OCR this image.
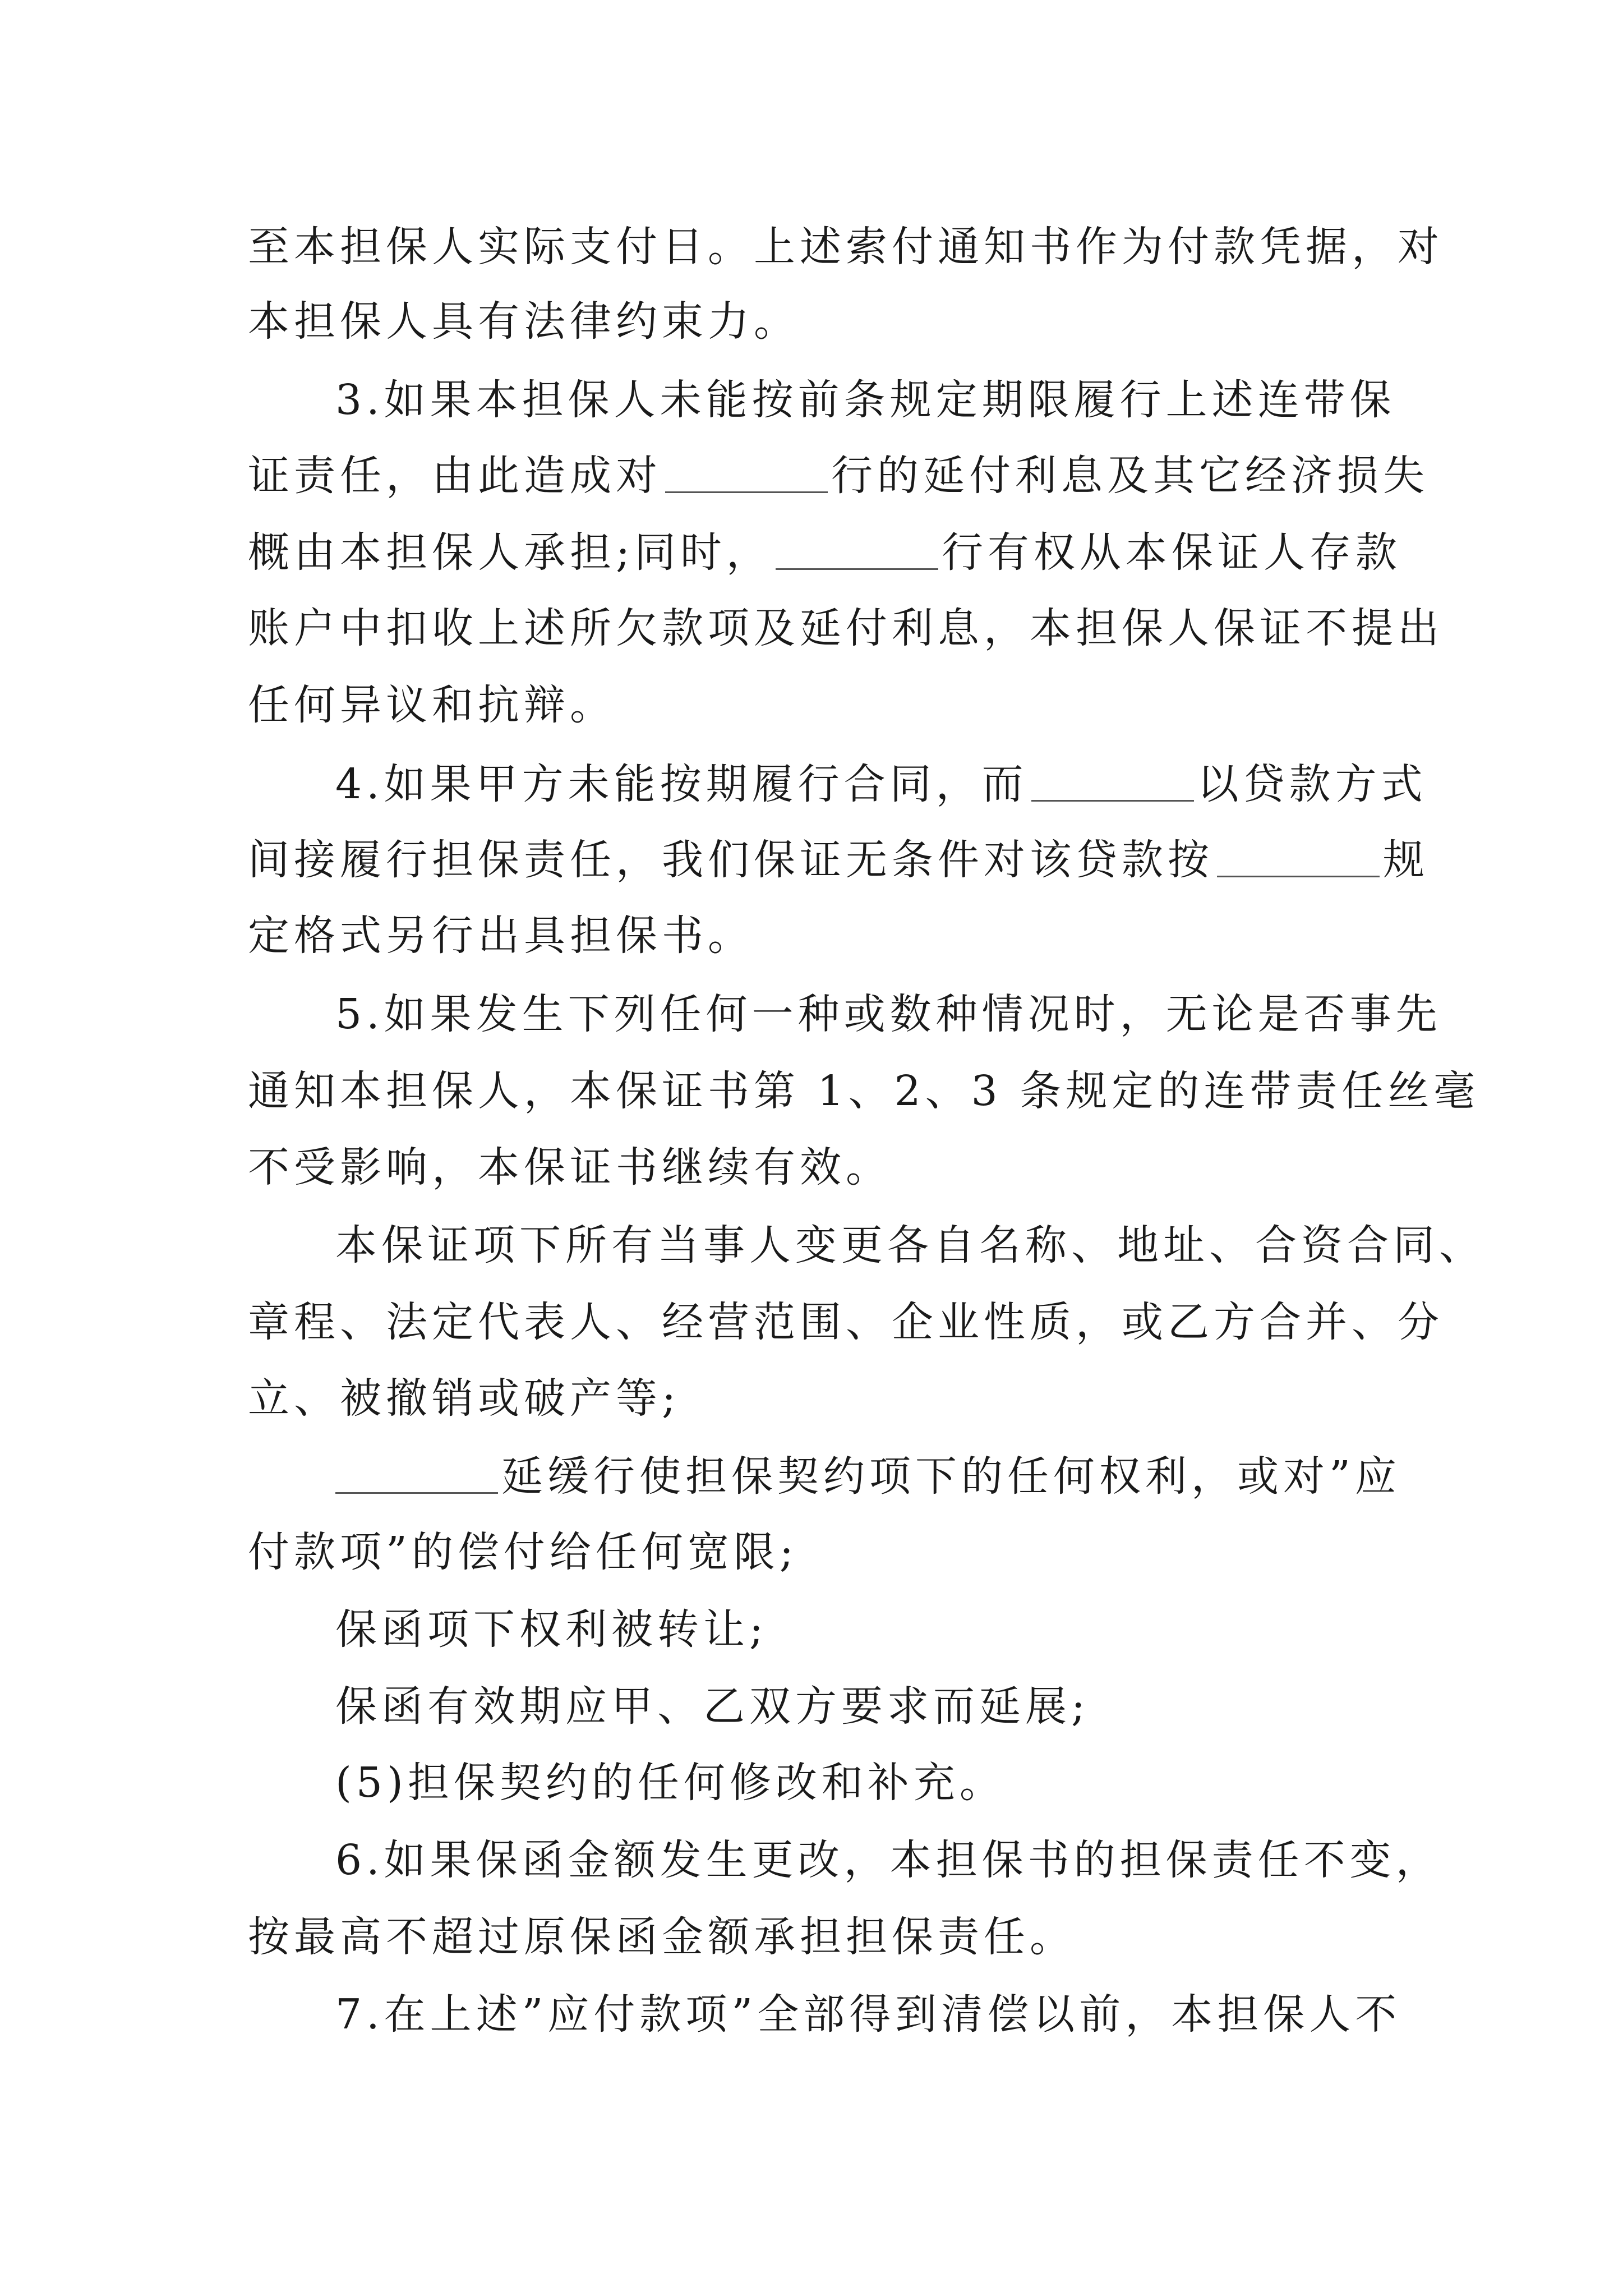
至本担保人实际支付日。上述索付通知书作为付款凭据，对
本担保人具有法律约束力。
3.如果本担保人未能按前条规定期限履行上述连带保
证责任，由此造成对	行的延付利息及其它经济损失
概由本担保人承担;同时，	行有权从本保证人存款
账户中扣收上述所欠款项及延付利息，本担保人保证不提出
任何异议和抗辩。
4.如果甲方未能按期履行合同，而	以贷款方式
间接履行担保责任，我们保证无条件对该贷款按	规
定格式另行出具担保书。
5.如果发生下列任何一种或数种情况时，无论是否事先
通知本担保人，本保证书第 1、2、3 条规定的连带责任丝毫
不受影响，本保证书继续有效。
本保证项下所有当事人变更各自名称、地址、合资合同、
章程、法定代表人、经营范围、企业性质，或乙方合并、分
立、被撤销或破产等;
延缓行使担保契约项下的任何权利，或对”应
付款项”的偿付给任何宽限;
保函项下权利被转让;
保函有效期应甲、乙双方要求而延展;
(5)担保契约的任何修改和补充。
6.如果保函金额发生更改，本担保书的担保责任不变，
按最高不超过原保函金额承担担保责任。
7.在上述”应付款项”全部得到清偿以前，本担保人不
